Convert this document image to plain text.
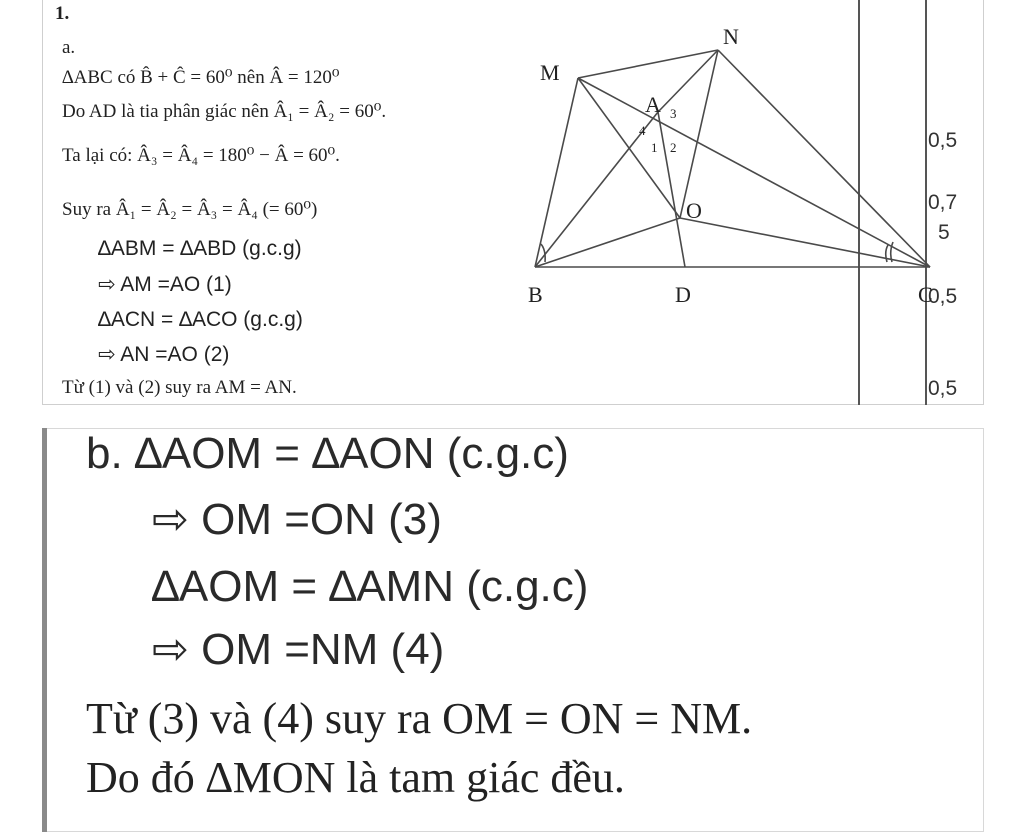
1.
a.
∆ABC có B̂ + Ĉ = 60⁰ nên Â = 120⁰
Do AD là tia phân giác nên Â₁ = Â₂ = 60⁰.
Ta lại có: Â₃ = Â₄ = 180⁰ − Â = 60⁰.
Suy ra Â₁ = Â₂ = Â₃ = Â₄ (= 60⁰)
∆ABM = ∆ABD (g.c.g)
⇨ AM =AO (1)
∆ACN = ∆ACO (g.c.g)
⇨ AN =AO (2)
Từ (1) và (2) suy ra AM = AN.
0,5
0,7
5
0,5
0,5
M
N
A
O
B	D	C
3
4
1 2
b. ∆AOM = ∆AON (c.g.c)
⇨ OM =ON (3)
∆AOM = ∆AMN (c.g.c)
⇨ OM =NM (4)
Từ (3) và (4) suy ra OM = ON = NM.
Do đó ∆MON là tam giác đều.
